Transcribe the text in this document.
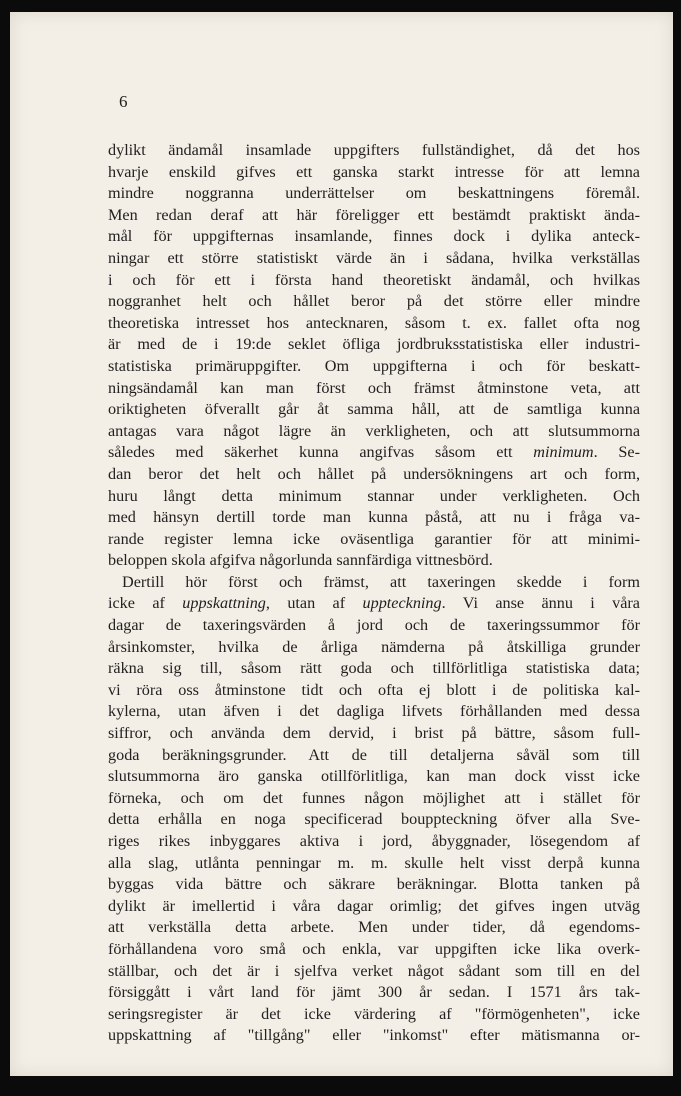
6

dylikt ändamål insamlade uppgifters fullständighet, då det hos
hvarje enskild gifves ett ganska starkt intresse för att lemna
mindre noggranna underrättelser om beskattningens föremål.
Men redan deraf att här föreligger ett bestämdt praktiskt ända-
mål för uppgifternas insamlande, finnes dock i dylika anteck-
ningar ett större statistiskt värde än i sådana, hvilka verkställas
i och för ett i första hand theoretiskt ändamål, och hvilkas
noggranhet helt och hållet beror på det större eller mindre
theoretiska intresset hos antecknaren, såsom t. ex. fallet ofta nog
är med de i 19:de seklet öfliga jordbruksstatistiska eller industri-
statistiska primäruppgifter. Om uppgifterna i och för beskatt-
ningsändamål kan man först och främst åtminstone veta, att
oriktigheten öfverallt går åt samma håll, att de samtliga kunna
antagas vara något lägre än verkligheten, och att slutsummorna
således med säkerhet kunna angifvas såsom ett minimum. Se-
dan beror det helt och hållet på undersökningens art och form,
huru långt detta minimum stannar under verkligheten. Och
med hänsyn dertill torde man kunna påstå, att nu i fråga va-
rande register lemna icke oväsentliga garantier för att minimi-
beloppen skola afgifva någorlunda sannfärdiga vittnesbörd.
Dertill hör först och främst, att taxeringen skedde i form
icke af uppskattning, utan af uppteckning. Vi anse ännu i våra
dagar de taxeringsvärden å jord och de taxeringssummor för
årsinkomster, hvilka de årliga nämderna på åtskilliga grunder
räkna sig till, såsom rätt goda och tillförlitliga statistiska data;
vi röra oss åtminstone tidt och ofta ej blott i de politiska kal-
kylerna, utan äfven i det dagliga lifvets förhållanden med dessa
siffror, och använda dem dervid, i brist på bättre, såsom full-
goda beräkningsgrunder. Att de till detaljerna såväl som till
slutsummorna äro ganska otillförlitliga, kan man dock visst icke
förneka, och om det funnes någon möjlighet att i stället för
detta erhålla en noga specificerad bouppteckning öfver alla Sve-
riges rikes inbyggares aktiva i jord, åbyggnader, lösegendom af
alla slag, utlånta penningar m. m. skulle helt visst derpå kunna
byggas vida bättre och säkrare beräkningar. Blotta tanken på
dylikt är imellertid i våra dagar orimlig; det gifves ingen utväg
att verkställa detta arbete. Men under tider, då egendoms-
förhållandena voro små och enkla, var uppgiften icke lika overk-
ställbar, och det är i sjelfva verket något sådant som till en del
försiggått i vårt land för jämt 300 år sedan. I 1571 års tak-
seringsregister är det icke värdering af "förmögenheten", icke
uppskattning af "tillgång" eller "inkomst" efter mätismanna or-
